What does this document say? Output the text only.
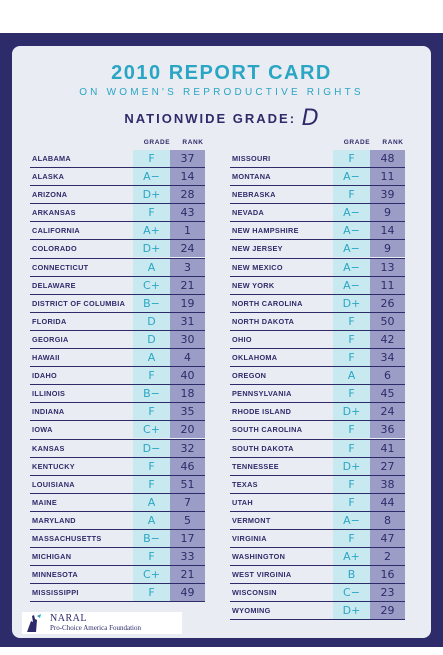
2010 REPORT CARD
ON WOMEN'S REPRODUCTIVE RIGHTS
NATIONWIDE GRADE: D
GRADE	RANK	GRADE	RANK
ALABAMA	F	37
ALASKA	A−	14
ARIZONA	D+	28
ARKANSAS	F	43
CALIFORNIA	A+	1
COLORADO	D+	24
CONNECTICUT	A	3
DELAWARE	C+	21
DISTRICT OF COLUMBIA	B−	19
FLORIDA	D	31
GEORGIA	D	30
HAWAII	A	4
IDAHO	F	40
ILLINOIS	B−	18
INDIANA	F	35
IOWA	C+	20
KANSAS	D−	32
KENTUCKY	F	46
LOUISIANA	F	51
MAINE	A	7
MARYLAND	A	5
MASSACHUSETTS	B−	17
MICHIGAN	F	33
MINNESOTA	C+	21
MISSISSIPPI	F	49
MISSOURI	F	48
MONTANA	A−	11
NEBRASKA	F	39
NEVADA	A−	9
NEW HAMPSHIRE	A−	14
NEW JERSEY	A−	9
NEW MEXICO	A−	13
NEW YORK	A−	11
NORTH CAROLINA	D+	26
NORTH DAKOTA	F	50
OHIO	F	42
OKLAHOMA	F	34
OREGON	A	6
PENNSYLVANIA	F	45
RHODE ISLAND	D+	24
SOUTH CAROLINA	F	36
SOUTH DAKOTA	F	41
TENNESSEE	D+	27
TEXAS	F	38
UTAH	F	44
VERMONT	A−	8
VIRGINIA	F	47
WASHINGTON	A+	2
WEST VIRGINIA	B	16
WISCONSIN	C−	23
WYOMING	D+	29
NARAL
Pro-Choice America Foundation
